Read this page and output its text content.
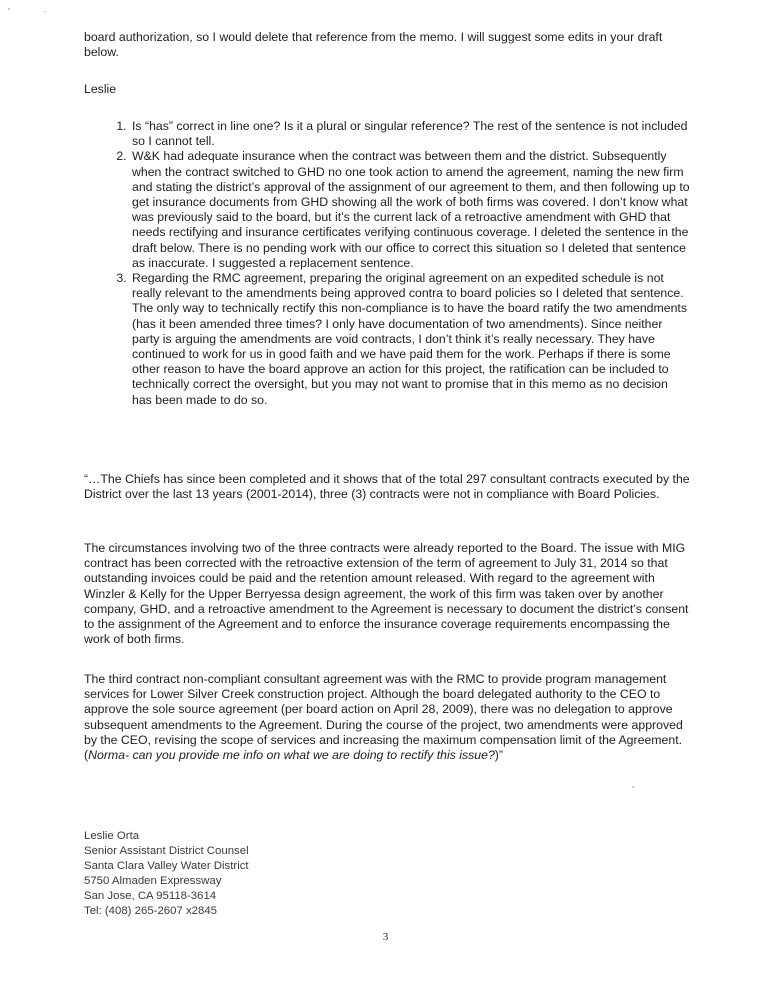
board authorization, so I would delete that reference from the memo. I will suggest some edits in your draft below.

Leslie

1. Is “has” correct in line one? Is it a plural or singular reference? The rest of the sentence is not included so I cannot tell.
2. W&K had adequate insurance when the contract was between them and the district. Subsequently when the contract switched to GHD no one took action to amend the agreement, naming the new firm and stating the district’s approval of the assignment of our agreement to them, and then following up to get insurance documents from GHD showing all the work of both firms was covered. I don’t know what was previously said to the board, but it’s the current lack of a retroactive amendment with GHD that needs rectifying and insurance certificates verifying continuous coverage. I deleted the sentence in the draft below. There is no pending work with our office to correct this situation so I deleted that sentence as inaccurate. I suggested a replacement sentence.
3. Regarding the RMC agreement, preparing the original agreement on an expedited schedule is not really relevant to the amendments being approved contra to board policies so I deleted that sentence. The only way to technically rectify this non-compliance is to have the board ratify the two amendments (has it been amended three times? I only have documentation of two amendments). Since neither party is arguing the amendments are void contracts, I don’t think it’s really necessary. They have continued to work for us in good faith and we have paid them for the work. Perhaps if there is some other reason to have the board approve an action for this project, the ratification can be included to technically correct the oversight, but you may not want to promise that in this memo as no decision has been made to do so.

“…The Chiefs has since been completed and it shows that of the total 297 consultant contracts executed by the District over the last 13 years (2001-2014), three (3) contracts were not in compliance with Board Policies.

The circumstances involving two of the three contracts were already reported to the Board. The issue with MIG contract has been corrected with the retroactive extension of the term of agreement to July 31, 2014 so that outstanding invoices could be paid and the retention amount released. With regard to the agreement with Winzler & Kelly for the Upper Berryessa design agreement, the work of this firm was taken over by another company, GHD, and a retroactive amendment to the Agreement is necessary to document the district’s consent to the assignment of the Agreement and to enforce the insurance coverage requirements encompassing the work of both firms.

The third contract non-compliant consultant agreement was with the RMC to provide program management services for Lower Silver Creek construction project. Although the board delegated authority to the CEO to approve the sole source agreement (per board action on April 28, 2009), there was no delegation to approve subsequent amendments to the Agreement. During the course of the project, two amendments were approved by the CEO, revising the scope of services and increasing the maximum compensation limit of the Agreement. (Norma- can you provide me info on what we are doing to rectify this issue?)”

Leslie Orta
Senior Assistant District Counsel
Santa Clara Valley Water District
5750 Almaden Expressway
San Jose, CA 95118-3614
Tel: (408) 265-2607 x2845
3
